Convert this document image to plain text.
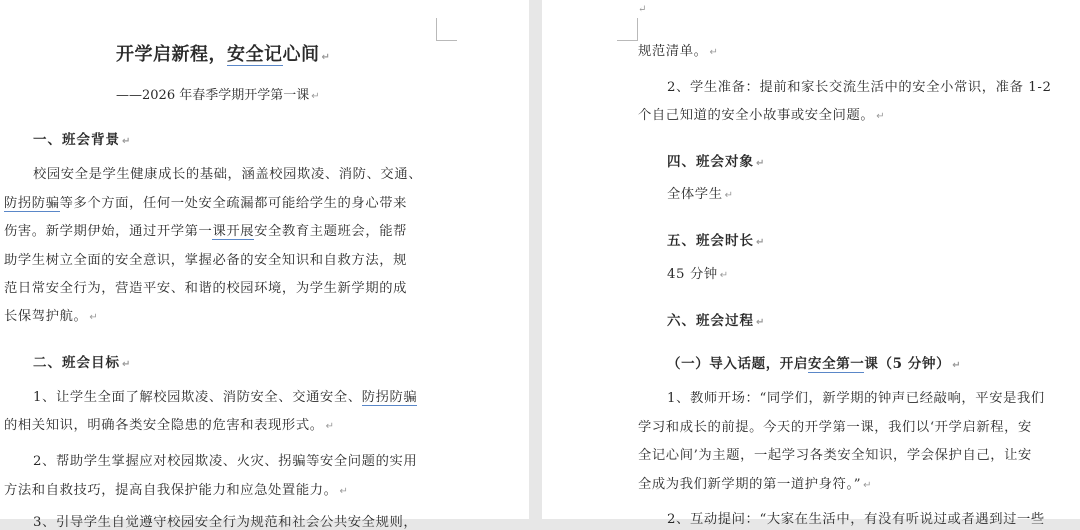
开学启新程，安全记心间 ↵
——2026 年春季学期开学第一课 ↵
一、班会背景 ↵
校园安全是学生健康成长的基础，涵盖校园欺凌、消防、交通、
防拐防骗等多个方面，任何一处安全疏漏都可能给学生的身心带来
伤害。新学期伊始，通过开学第一课开展安全教育主题班会，能帮
助学生树立全面的安全意识，掌握必备的安全知识和自救方法，规
范日常安全行为，营造平安、和谐的校园环境，为学生新学期的成
长保驾护航。 ↵
二、班会目标 ↵
1、让学生全面了解校园欺凌、消防安全、交通安全、防拐防骗
的相关知识，明确各类安全隐患的危害和表现形式。 ↵
2、帮助学生掌握应对校园欺凌、火灾、拐骗等安全问题的实用
方法和自救技巧，提高自我保护能力和应急处置能力。 ↵
3、引导学生自觉遵守校园安全行为规范和社会公共安全规则，
↵
规范清单。 ↵
2、学生准备：提前和家长交流生活中的安全小常识，准备 1-2
个自己知道的安全小故事或安全问题。 ↵
四、班会对象 ↵
全体学生 ↵
五、班会时长 ↵
45 分钟 ↵
六、班会过程 ↵
（一）导入话题，开启安全第一课（5 分钟） ↵
1、教师开场：“同学们，新学期的钟声已经敲响，平安是我们
学习和成长的前提。今天的开学第一课，我们以‘开学启新程，安
全记心间’为主题，一起学习各类安全知识，学会保护自己，让安
全成为我们新学期的第一道护身符。” ↵
2、互动提问：“大家在生活中，有没有听说过或者遇到过一些
